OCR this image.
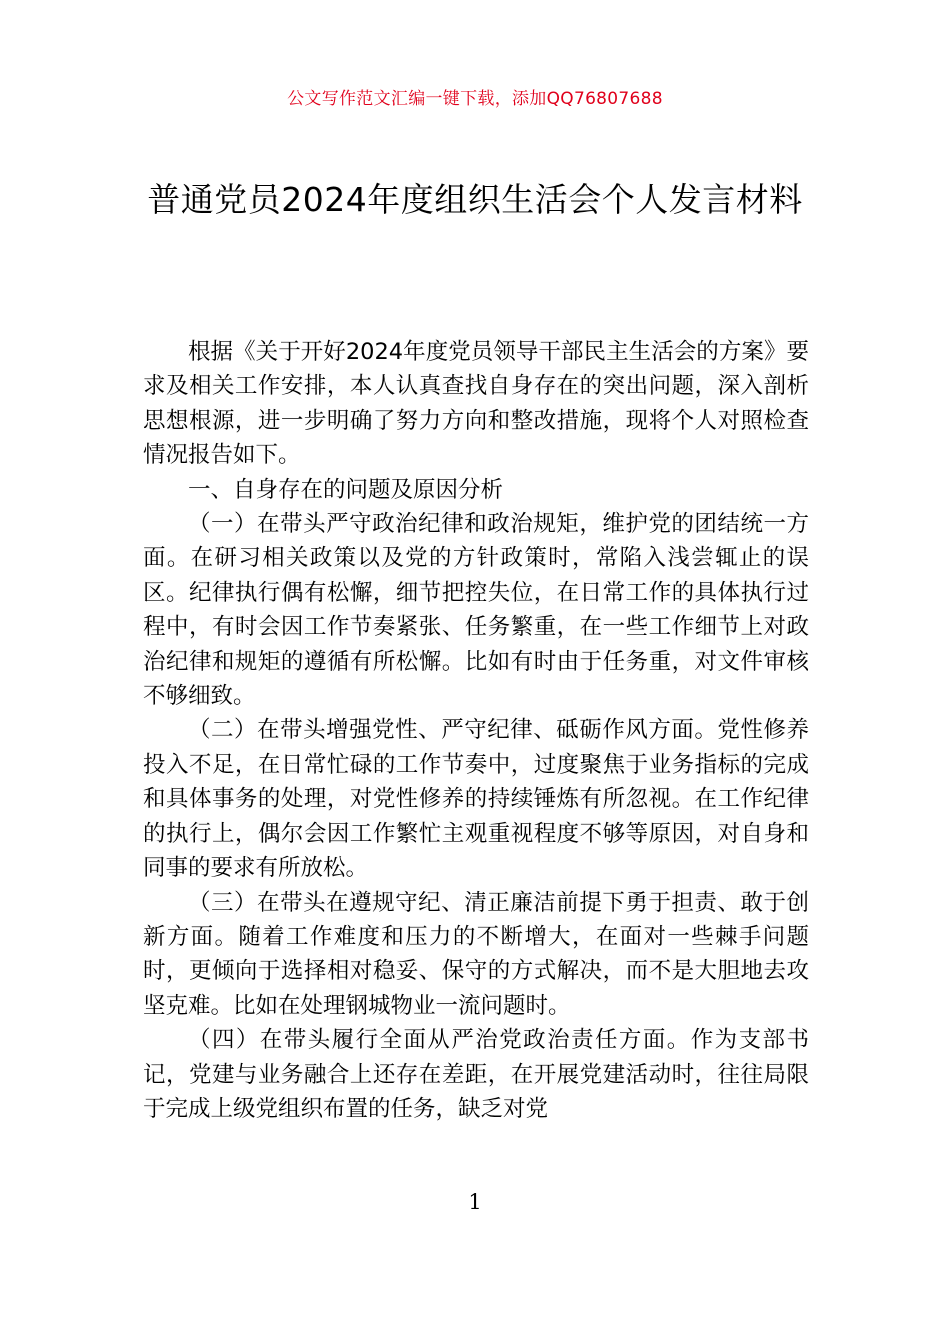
公文写作范文汇编一键下载，添加QQ76807688
普通党员2024年度组织生活会个人发言材料

根据《关于开好2024年度党员领导干部民主生活会的方案》要求及相关工作安排，本人认真查找自身存在的突出问题，深入剖析思想根源，进一步明确了努力方向和整改措施，现将个人对照检查情况报告如下。

一、自身存在的问题及原因分析

（一）在带头严守政治纪律和政治规矩，维护党的团结统一方面。在研习相关政策以及党的方针政策时，常陷入浅尝辄止的误区。纪律执行偶有松懈，细节把控失位，在日常工作的具体执行过程中，有时会因工作节奏紧张、任务繁重，在一些工作细节上对政治纪律和规矩的遵循有所松懈。比如有时由于任务重，对文件审核不够细致。

（二）在带头增强党性、严守纪律、砥砺作风方面。党性修养投入不足，在日常忙碌的工作节奏中，过度聚焦于业务指标的完成和具体事务的处理，对党性修养的持续锤炼有所忽视。在工作纪律的执行上，偶尔会因工作繁忙主观重视程度不够等原因，对自身和同事的要求有所放松。

（三）在带头在遵规守纪、清正廉洁前提下勇于担责、敢于创新方面。随着工作难度和压力的不断增大，在面对一些棘手问题时，更倾向于选择相对稳妥、保守的方式解决，而不是大胆地去攻坚克难。比如在处理钢城物业一流问题时。

（四）在带头履行全面从严治党政治责任方面。作为支部书记，党建与业务融合上还存在差距，在开展党建活动时，往往局限于完成上级党组织布置的任务，缺乏对党

1
